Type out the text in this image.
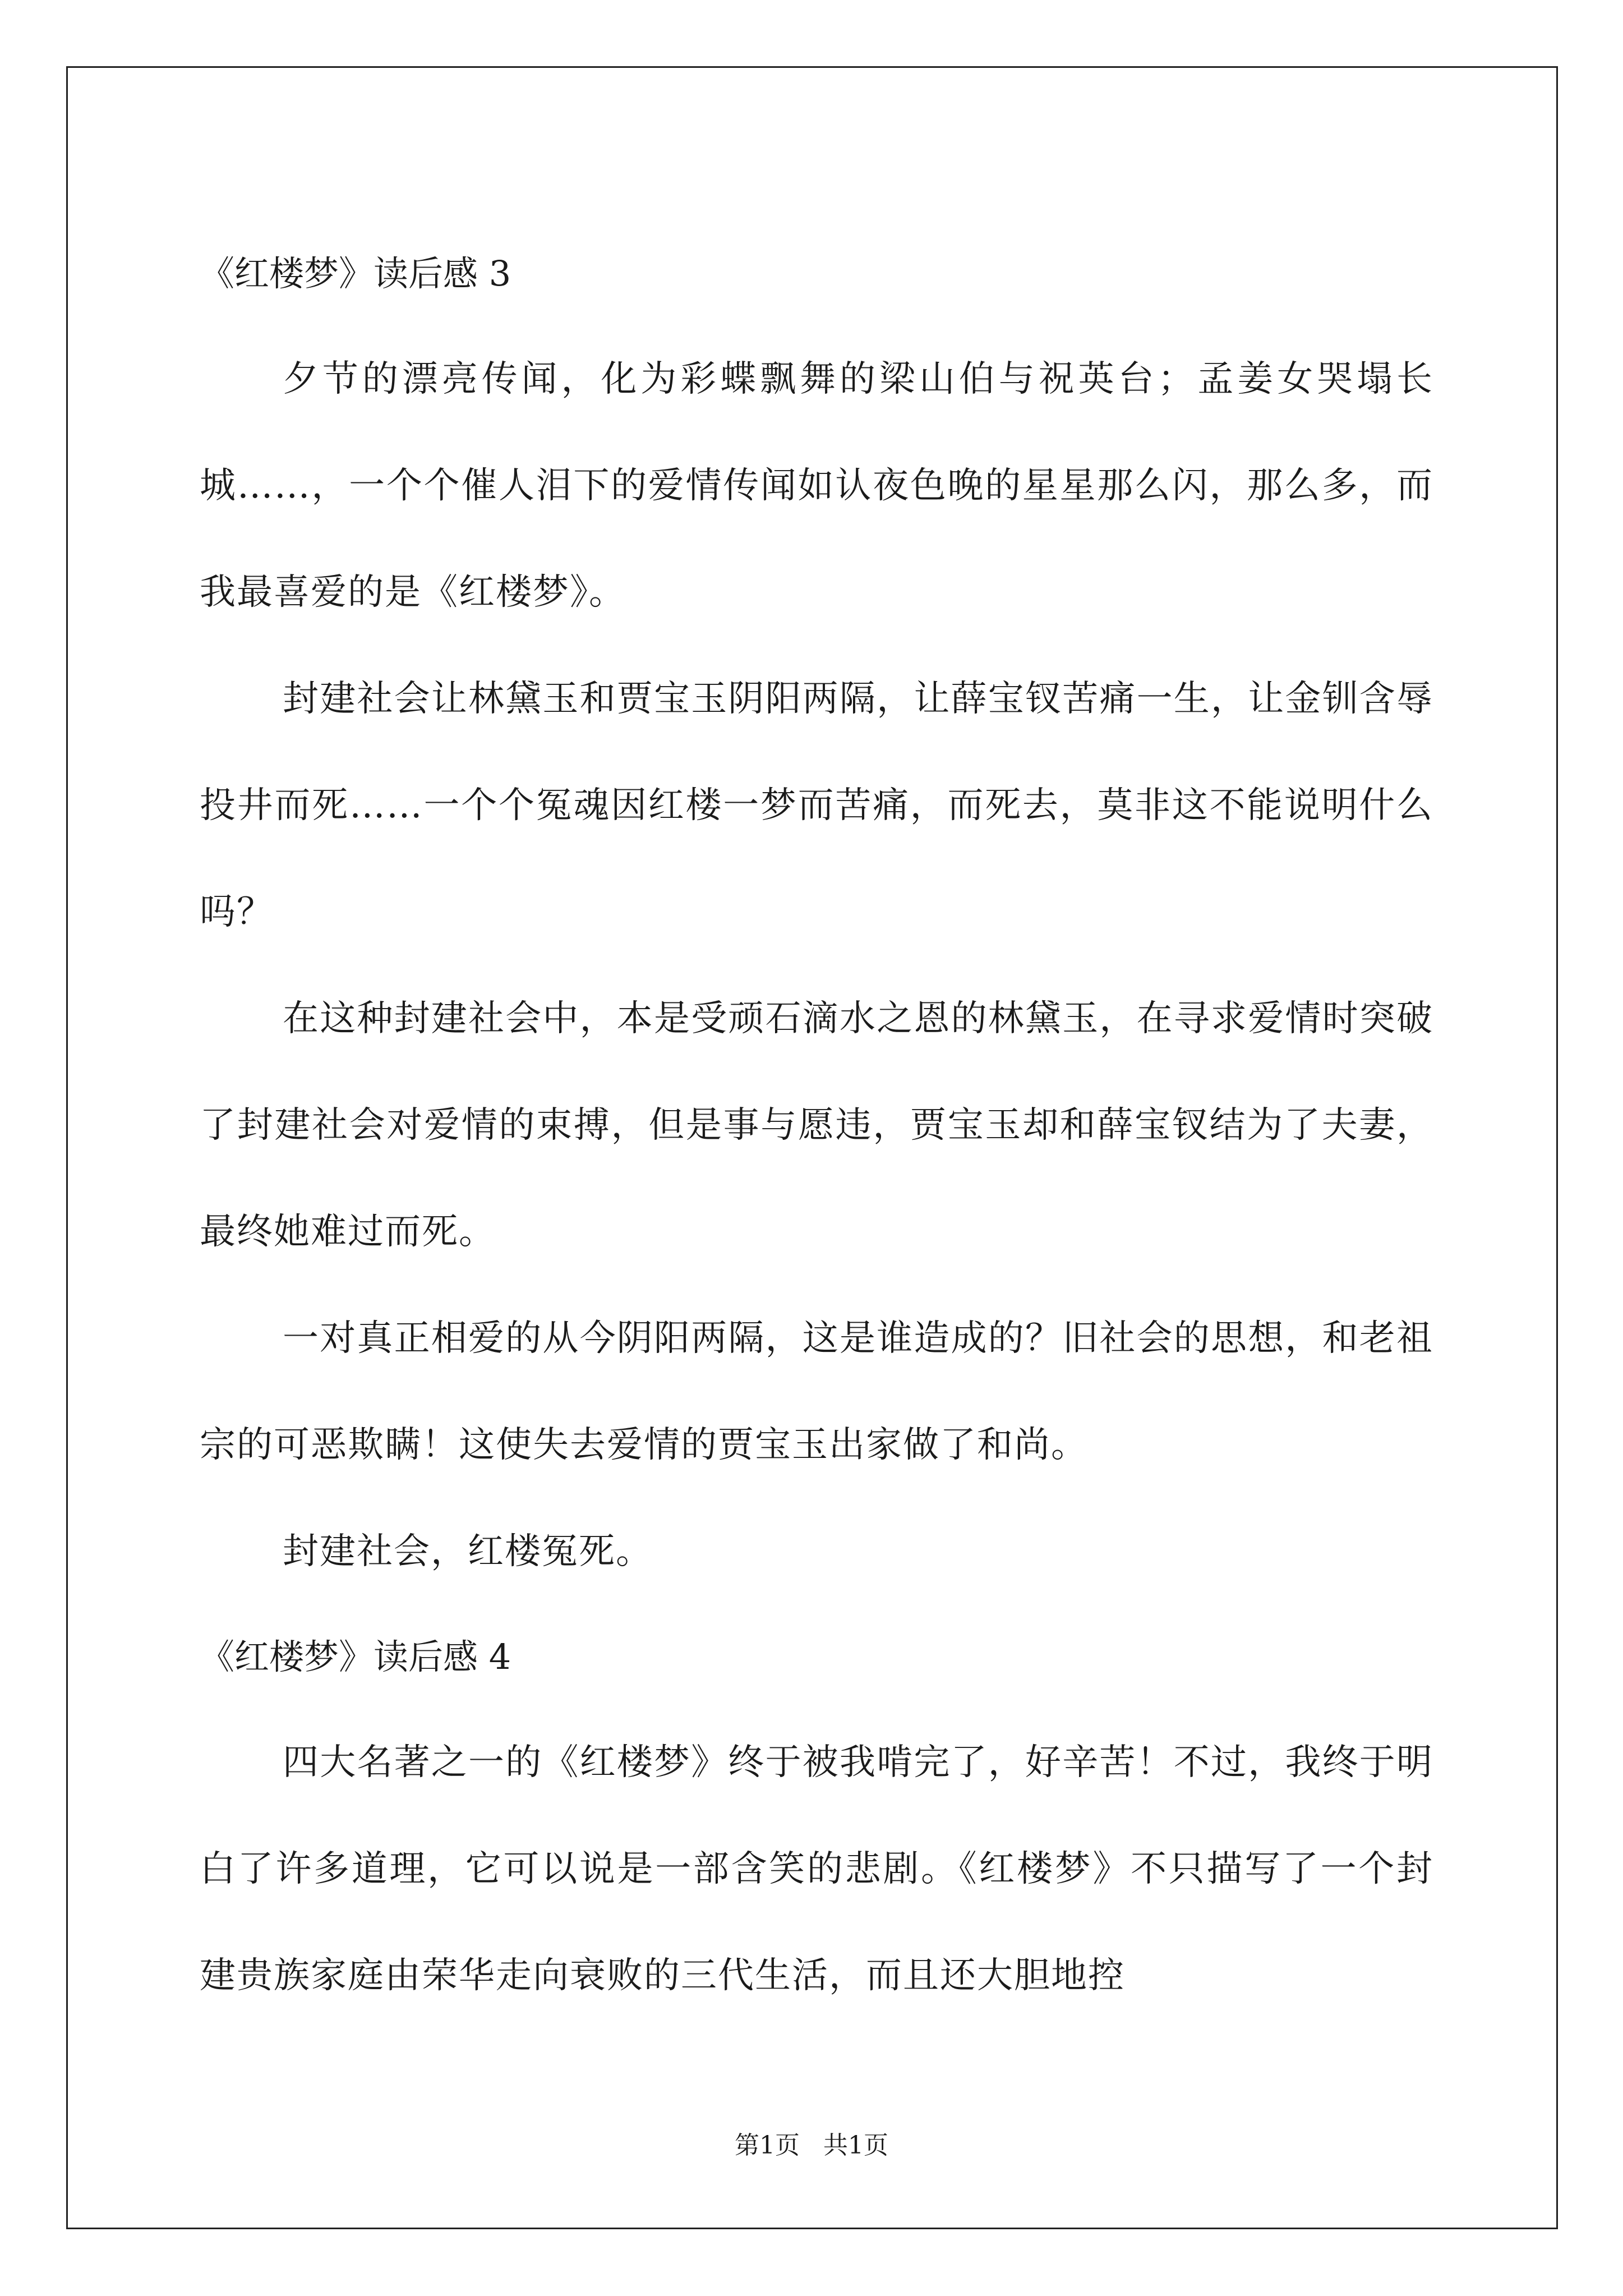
《红楼梦》读后感 3

夕节的漂亮传闻，化为彩蝶飘舞的梁山伯与祝英台；孟姜女哭塌长城……，一个个催人泪下的爱情传闻如认夜色晚的星星那么闪，那么多，而我最喜爱的是《红楼梦》。

封建社会让林黛玉和贾宝玉阴阳两隔，让薛宝钗苦痛一生，让金钏含辱投井而死……一个个冤魂因红楼一梦而苦痛，而死去，莫非这不能说明什么吗？

在这种封建社会中，本是受顽石滴水之恩的林黛玉，在寻求爱情时突破了封建社会对爱情的束搏，但是事与愿违，贾宝玉却和薛宝钗结为了夫妻，最终她难过而死。

一对真正相爱的从今阴阳两隔，这是谁造成的？旧社会的思想，和老祖宗的可恶欺瞒！这使失去爱情的贾宝玉出家做了和尚。

封建社会，红楼冤死。

《红楼梦》读后感 4

四大名著之一的《红楼梦》终于被我啃完了，好辛苦！不过，我终于明白了许多道理，它可以说是一部含笑的悲剧。《红楼梦》不只描写了一个封建贵族家庭由荣华走向衰败的三代生活，而且还大胆地控

第1页   共1页
